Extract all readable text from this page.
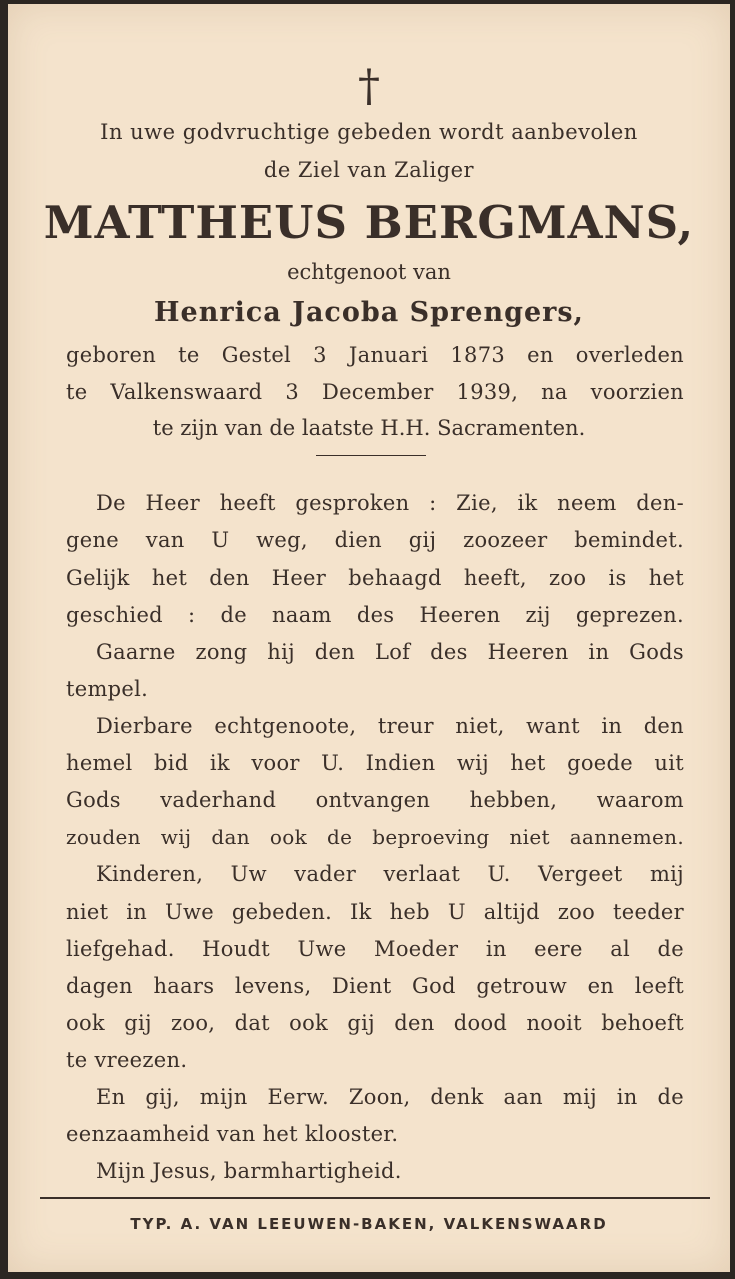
†
In uwe godvruchtige gebeden wordt aanbevolen
de Ziel van Zaliger
MATTHEUS BERGMANS,
echtgenoot van
Henrica Jacoba Sprengers,
geboren te Gestel 3 Januari 1873 en overleden
te Valkenswaard 3 December 1939, na voorzien
te zijn van de laatste H.H. Sacramenten.
De Heer heeft gesproken : Zie, ik neem den-
gene van U weg, dien gij zoozeer bemindet.
Gelijk het den Heer behaagd heeft, zoo is het
geschied : de naam des Heeren zij geprezen.
Gaarne zong hij den Lof des Heeren in Gods
tempel.
Dierbare echtgenoote, treur niet, want in den
hemel bid ik voor U. Indien wij het goede uit
Gods vaderhand ontvangen hebben, waarom
zouden wij dan ook de beproeving niet aannemen.
Kinderen, Uw vader verlaat U. Vergeet mij
niet in Uwe gebeden. Ik heb U altijd zoo teeder
liefgehad. Houdt Uwe Moeder in eere al de
dagen haars levens, Dient God getrouw en leeft
ook gij zoo, dat ook gij den dood nooit behoeft
te vreezen.
En gij, mijn Eerw. Zoon, denk aan mij in de
eenzaamheid van het klooster.
Mijn Jesus, barmhartigheid.
TYP. A. VAN LEEUWEN-BAKEN, VALKENSWAARD
